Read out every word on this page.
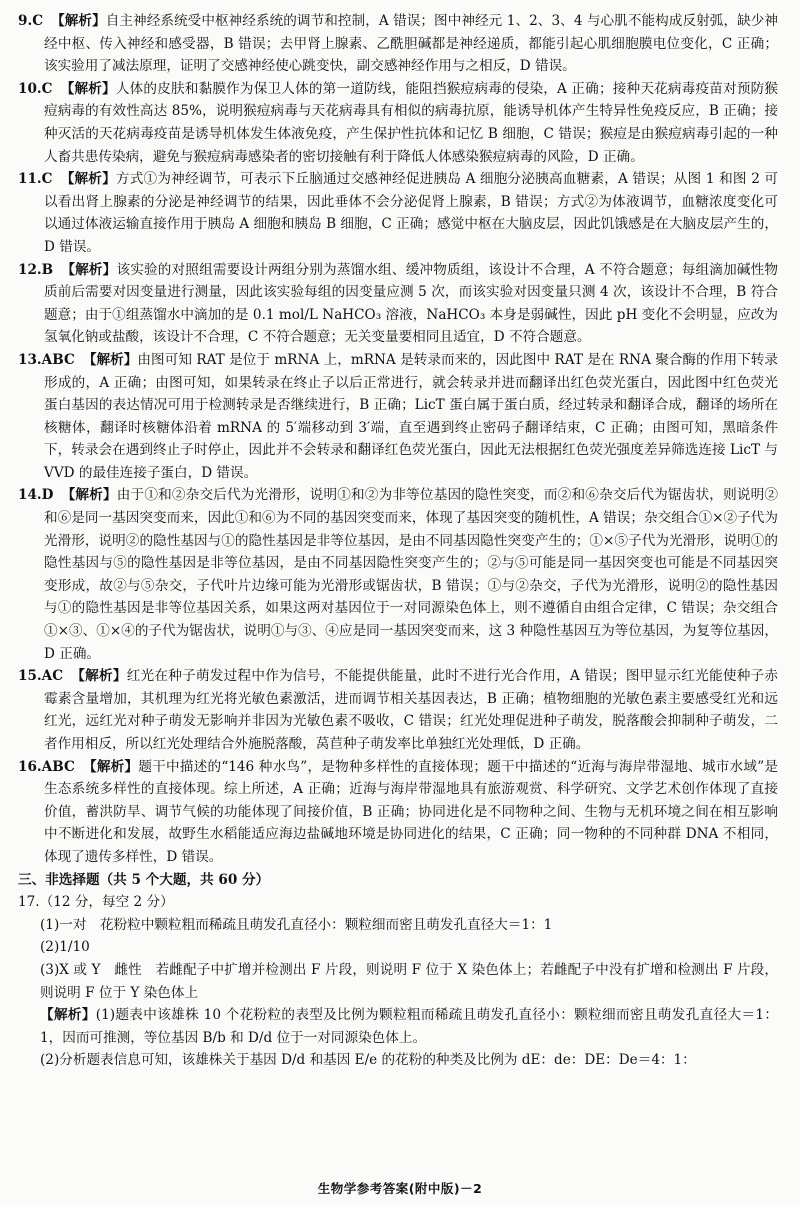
9.C 【解析】自主神经系统受中枢神经系统的调节和控制，A 错误；图中神经元 1、2、3、4 与心肌不能构成反射弧，缺少神经中枢、传入神经和感受器，B 错误；去甲肾上腺素、乙酰胆碱都是神经递质，都能引起心肌细胞膜电位变化，C 正确；该实验用了减法原理，证明了交感神经使心跳变快，副交感神经作用与之相反，D 错误。
10.C 【解析】人体的皮肤和黏膜作为保卫人体的第一道防线，能阻挡猴痘病毒的侵染，A 正确；接种天花病毒疫苗对预防猴痘病毒的有效性高达 85%，说明猴痘病毒与天花病毒具有相似的病毒抗原，能诱导机体产生特异性免疫反应，B 正确；接种灭活的天花病毒疫苗是诱导机体发生体液免疫，产生保护性抗体和记忆 B 细胞，C 错误；猴痘是由猴痘病毒引起的一种人畜共患传染病，避免与猴痘病毒感染者的密切接触有利于降低人体感染猴痘病毒的风险，D 正确。
11.C 【解析】方式①为神经调节，可表示下丘脑通过交感神经促进胰岛 A 细胞分泌胰高血糖素，A 错误；从图 1 和图 2 可以看出肾上腺素的分泌是神经调节的结果，因此垂体不会分泌促肾上腺素，B 错误；方式②为体液调节，血糖浓度变化可以通过体液运输直接作用于胰岛 A 细胞和胰岛 B 细胞，C 正确；感觉中枢在大脑皮层，因此饥饿感是在大脑皮层产生的，D 错误。
12.B 【解析】该实验的对照组需要设计两组分别为蒸馏水组、缓冲物质组，该设计不合理，A 不符合题意；每组滴加碱性物质前后需要对因变量进行测量，因此该实验每组的因变量应测 5 次，而该实验对因变量只测 4 次，该设计不合理，B 符合题意；由于①组蒸馏水中滴加的是 0.1 mol/L NaHCO₃ 溶液，NaHCO₃ 本身是弱碱性，因此 pH 变化不会明显，应改为氢氧化钠或盐酸，该设计不合理，C 不符合题意；无关变量要相同且适宜，D 不符合题意。
13.ABC 【解析】由图可知 RAT 是位于 mRNA 上，mRNA 是转录而来的，因此图中 RAT 是在 RNA 聚合酶的作用下转录形成的，A 正确；由图可知，如果转录在终止子以后正常进行，就会转录并进而翻译出红色荧光蛋白，因此图中红色荧光蛋白基因的表达情况可用于检测转录是否继续进行，B 正确；LicT 蛋白属于蛋白质，经过转录和翻译合成，翻译的场所在核糖体，翻译时核糖体沿着 mRNA 的 5′端移动到 3′端，直至遇到终止密码子翻译结束，C 正确；由图可知，黑暗条件下，转录会在遇到终止子时停止，因此并不会转录和翻译红色荧光蛋白，因此无法根据红色荧光强度差异筛选连接 LicT 与 VVD 的最佳连接子蛋白，D 错误。
14.D 【解析】由于①和②杂交后代为光滑形，说明①和②为非等位基因的隐性突变，而②和⑥杂交后代为锯齿状，则说明②和⑥是同一基因突变而来，因此①和⑥为不同的基因突变而来，体现了基因突变的随机性，A 错误；杂交组合①×②子代为光滑形，说明②的隐性基因与①的隐性基因是非等位基因，是由不同基因隐性突变产生的；①×⑤子代为光滑形，说明①的隐性基因与⑤的隐性基因是非等位基因，是由不同基因隐性突变产生的；②与⑤可能是同一基因突变也可能是不同基因突变形成，故②与⑤杂交，子代叶片边缘可能为光滑形或锯齿状，B 错误；①与②杂交，子代为光滑形，说明②的隐性基因与①的隐性基因是非等位基因关系，如果这两对基因位于一对同源染色体上，则不遵循自由组合定律，C 错误；杂交组合①×③、①×④的子代为锯齿状，说明①与③、④应是同一基因突变而来，这 3 种隐性基因互为等位基因，为复等位基因，D 正确。
15.AC 【解析】红光在种子萌发过程中作为信号，不能提供能量，此时不进行光合作用，A 错误；图甲显示红光能使种子赤霉素含量增加，其机理为红光将光敏色素激活，进而调节相关基因表达，B 正确；植物细胞的光敏色素主要感受红光和远红光，远红光对种子萌发无影响并非因为光敏色素不吸收，C 错误；红光处理促进种子萌发，脱落酸会抑制种子萌发，二者作用相反，所以红光处理结合外施脱落酸，莴苣种子萌发率比单独红光处理低，D 正确。
16.ABC 【解析】题干中描述的“146 种水鸟”，是物种多样性的直接体现；题干中描述的“近海与海岸带湿地、城市水域”是生态系统多样性的直接体现。综上所述，A 正确；近海与海岸带湿地具有旅游观赏、科学研究、文学艺术创作体现了直接价值，蓄洪防旱、调节气候的功能体现了间接价值，B 正确；协同进化是不同物种之间、生物与无机环境之间在相互影响中不断进化和发展，故野生水稻能适应海边盐碱地环境是协同进化的结果，C 正确；同一物种的不同种群 DNA 不相同，体现了遗传多样性，D 错误。

三、非选择题（共 5 个大题，共 60 分）

17.（12 分，每空 2 分）

(1)一对　花粉粒中颗粒粗而稀疏且萌发孔直径小：颗粒细而密且萌发孔直径大＝1：1

(2)1/10

(3)X 或 Y　雌性　若雌配子中扩增并检测出 F 片段，则说明 F 位于 X 染色体上；若雌配子中没有扩增和检测出 F 片段，则说明 F 位于 Y 染色体上

【解析】(1)题表中该雄株 10 个花粉粒的表型及比例为颗粒粗而稀疏且萌发孔直径小：颗粒细而密且萌发孔直径大＝1：1，因而可推测，等位基因 B/b 和 D/d 位于一对同源染色体上。

(2)分析题表信息可知，该雄株关于基因 D/d 和基因 E/e 的花粉的种类及比例为 dE：de：DE：De＝4：1：

生物学参考答案(附中版)－2
